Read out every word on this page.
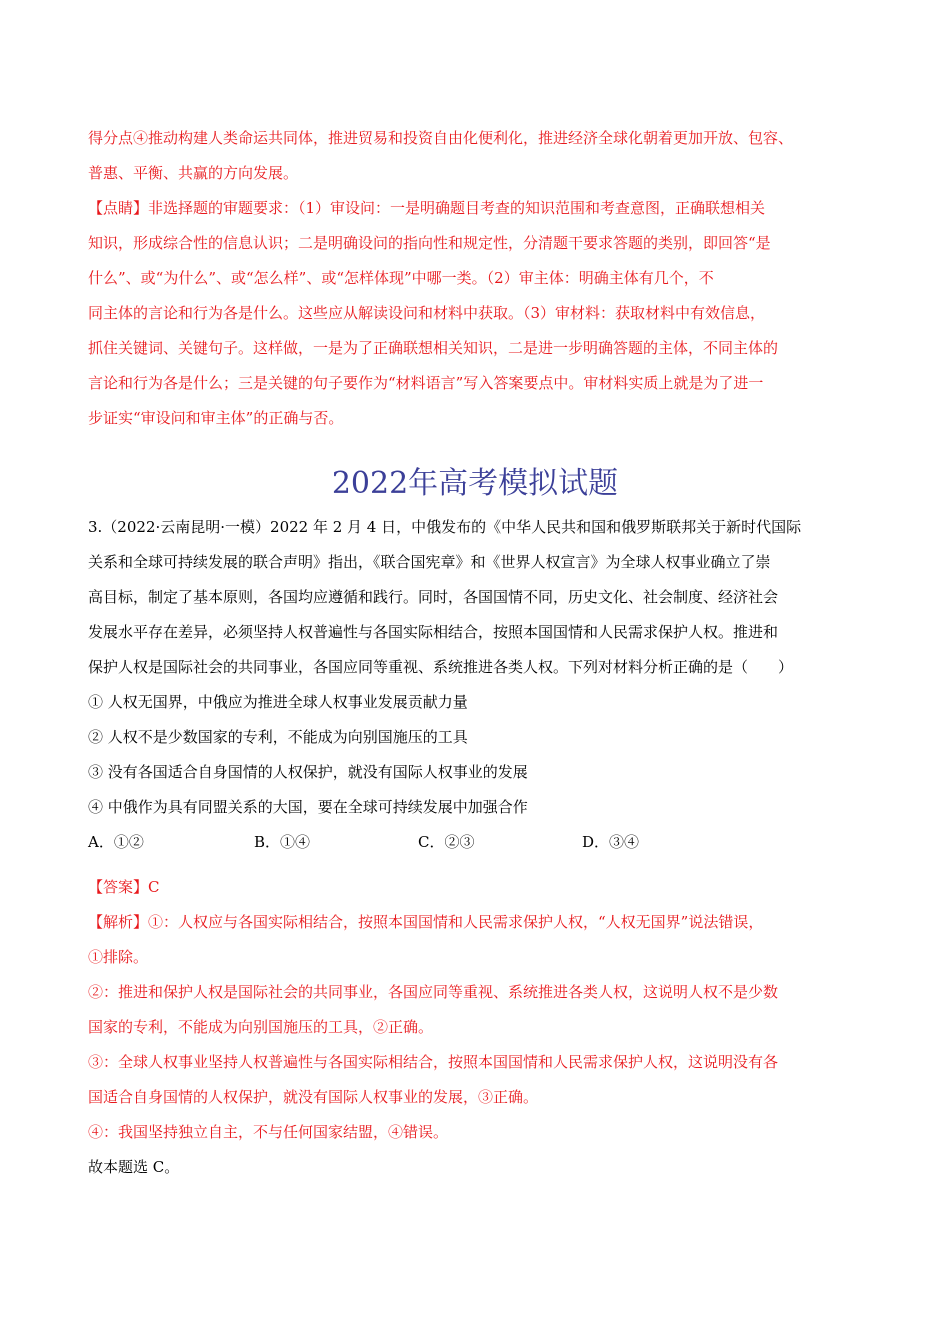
得分点④推动构建人类命运共同体，推进贸易和投资自由化便利化，推进经济全球化朝着更加开放、包容、
普惠、平衡、共赢的方向发展。
【点睛】非选择题的审题要求：（1）审设问：一是明确题目考查的知识范围和考查意图，正确联想相关
知识，形成综合性的信息认识；二是明确设问的指向性和规定性，分清题干要求答题的类别，即回答“是
什么”、或“为什么”、或“怎么样”、或“怎样体现”中哪一类。（2）审主体：明确主体有几个，不
同主体的言论和行为各是什么。这些应从解读设问和材料中获取。（3）审材料：获取材料中有效信息，
抓住关键词、关键句子。这样做，一是为了正确联想相关知识，二是进一步明确答题的主体，不同主体的
言论和行为各是什么；三是关键的句子要作为“材料语言”写入答案要点中。审材料实质上就是为了进一
步证实“审设问和审主体”的正确与否。
2022年高考模拟试题
3.（2022·云南昆明·一模）2022 年 2 月 4 日，中俄发布的《中华人民共和国和俄罗斯联邦关于新时代国际
关系和全球可持续发展的联合声明》指出，《联合国宪章》和《世界人权宣言》为全球人权事业确立了崇
高目标，制定了基本原则，各国均应遵循和践行。同时，各国国情不同，历史文化、社会制度、经济社会
发展水平存在差异，必须坚持人权普遍性与各国实际相结合，按照本国国情和人民需求保护人权。推进和
保护人权是国际社会的共同事业，各国应同等重视、系统推进各类人权。下列对材料分析正确的是（　　）
① 人权无国界，中俄应为推进全球人权事业发展贡献力量
② 人权不是少数国家的专利，不能成为向别国施压的工具
③ 没有各国适合自身国情的人权保护，就没有国际人权事业的发展
④ 中俄作为具有同盟关系的大国，要在全球可持续发展中加强合作
A．①②	B．①④	C．②③	D．③④
【答案】C
【解析】①：人权应与各国实际相结合，按照本国国情和人民需求保护人权，“人权无国界”说法错误，
①排除。
②：推进和保护人权是国际社会的共同事业，各国应同等重视、系统推进各类人权，这说明人权不是少数
国家的专利，不能成为向别国施压的工具，②正确。
③：全球人权事业坚持人权普遍性与各国实际相结合，按照本国国情和人民需求保护人权，这说明没有各
国适合自身国情的人权保护，就没有国际人权事业的发展，③正确。
④：我国坚持独立自主，不与任何国家结盟，④错误。
故本题选 C。
